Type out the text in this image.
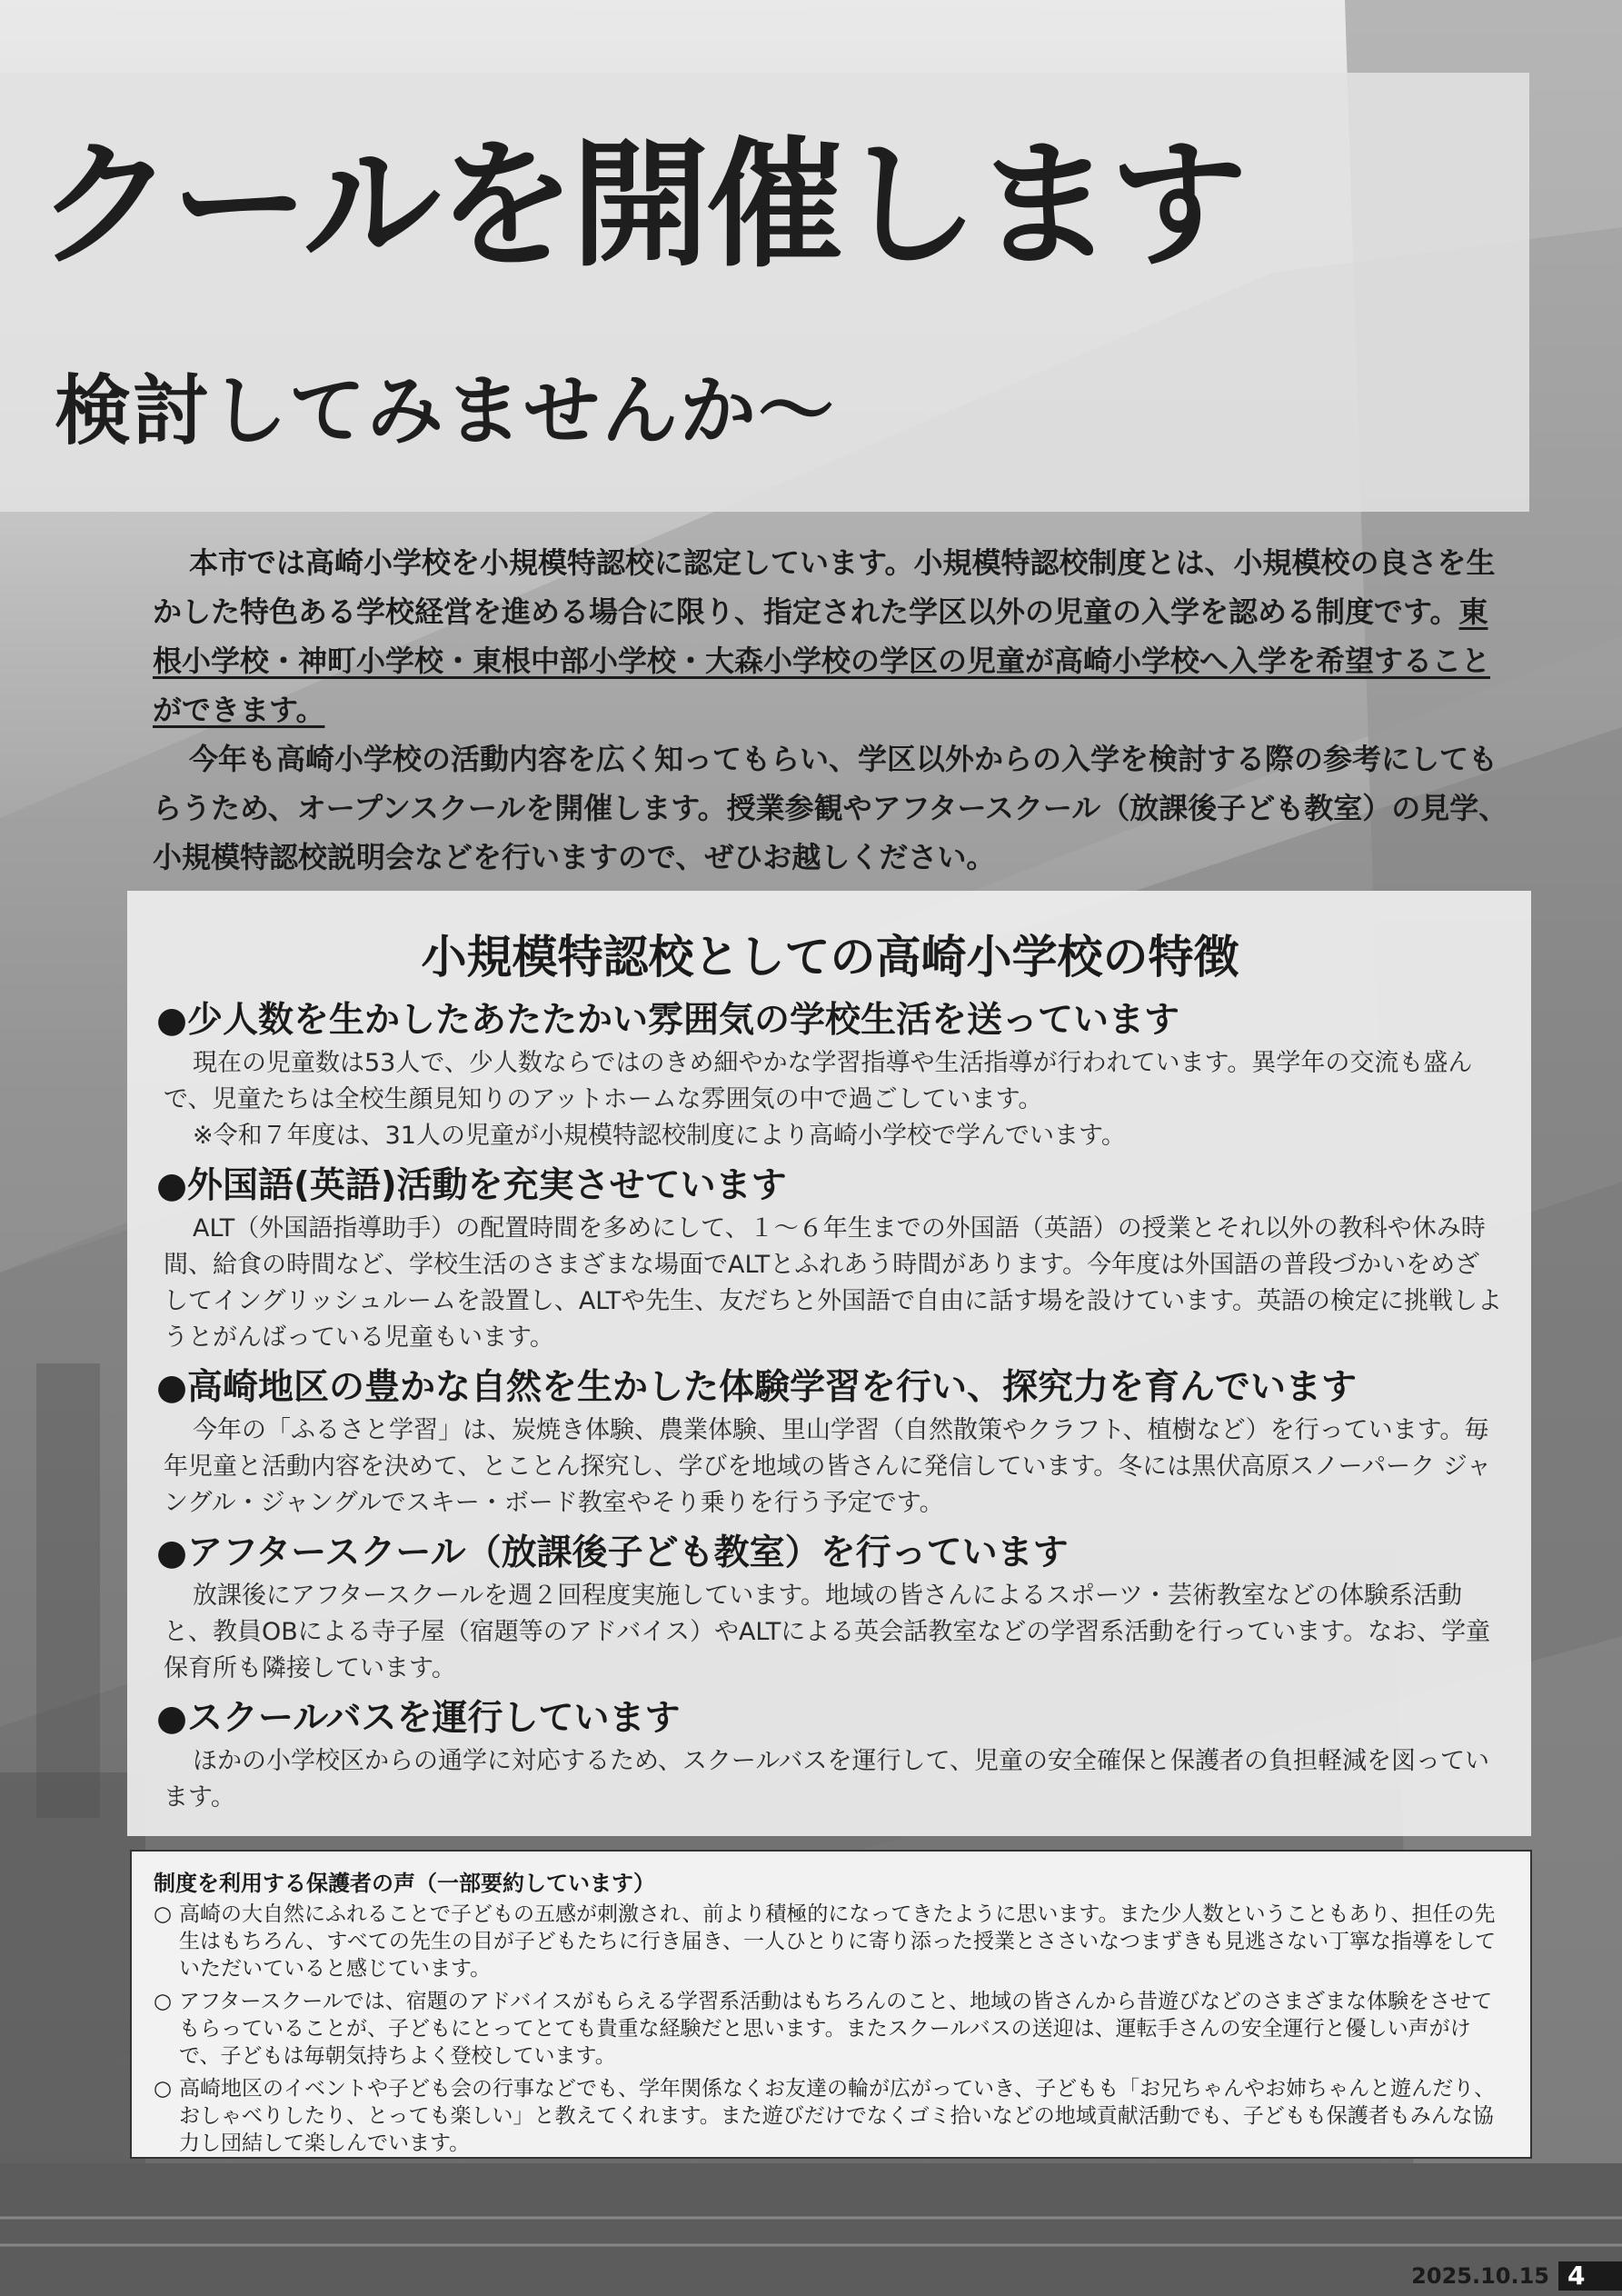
クールを開催します
検討してみませんか～

本市では高崎小学校を小規模特認校に認定しています。小規模特認校制度とは、小規模校の良さを生かした特色ある学校経営を進める場合に限り、指定された学区以外の児童の入学を認める制度です。東根小学校・神町小学校・東根中部小学校・大森小学校の学区の児童が高崎小学校へ入学を希望することができます。

今年も高崎小学校の活動内容を広く知ってもらい、学区以外からの入学を検討する際の参考にしてもらうため、オープンスクールを開催します。授業参観やアフタースクール（放課後子ども教室）の見学、小規模特認校説明会などを行いますので、ぜひお越しください。

小規模特認校としての高崎小学校の特徴
●少人数を生かしたあたたかい雰囲気の学校生活を送っています
現在の児童数は53人で、少人数ならではのきめ細やかな学習指導や生活指導が行われています。異学年の交流も盛んで、児童たちは全校生顔見知りのアットホームな雰囲気の中で過ごしています。
※令和７年度は、31人の児童が小規模特認校制度により高崎小学校で学んでいます。
●外国語(英語)活動を充実させています
ALT（外国語指導助手）の配置時間を多めにして、１～６年生までの外国語（英語）の授業とそれ以外の教科や休み時間、給食の時間など、学校生活のさまざまな場面でALTとふれあう時間があります。今年度は外国語の普段づかいをめざしてイングリッシュルームを設置し、ALTや先生、友だちと外国語で自由に話す場を設けています。英語の検定に挑戦しようとがんばっている児童もいます。
●高崎地区の豊かな自然を生かした体験学習を行い、探究力を育んでいます
今年の「ふるさと学習」は、炭焼き体験、農業体験、里山学習（自然散策やクラフト、植樹など）を行っています。毎年児童と活動内容を決めて、とことん探究し、学びを地域の皆さんに発信しています。冬には黒伏高原スノーパーク ジャングル・ジャングルでスキー・ボード教室やそり乗りを行う予定です。
●アフタースクール（放課後子ども教室）を行っています
放課後にアフタースクールを週２回程度実施しています。地域の皆さんによるスポーツ・芸術教室などの体験系活動と、教員OBによる寺子屋（宿題等のアドバイス）やALTによる英会話教室などの学習系活動を行っています。なお、学童保育所も隣接しています。
●スクールバスを運行しています
ほかの小学校区からの通学に対応するため、スクールバスを運行して、児童の安全確保と保護者の負担軽減を図っています。
制度を利用する保護者の声（一部要約しています）
○ 高崎の大自然にふれることで子どもの五感が刺激され、前より積極的になってきたように思います。また少人数ということもあり、担任の先生はもちろん、すべての先生の目が子どもたちに行き届き、一人ひとりに寄り添った授業とささいなつまずきも見逃さない丁寧な指導をしていただいていると感じています。
○ アフタースクールでは、宿題のアドバイスがもらえる学習系活動はもちろんのこと、地域の皆さんから昔遊びなどのさまざまな体験をさせてもらっていることが、子どもにとってとても貴重な経験だと思います。またスクールバスの送迎は、運転手さんの安全運行と優しい声がけで、子どもは毎朝気持ちよく登校しています。
○ 高崎地区のイベントや子ども会の行事などでも、学年関係なくお友達の輪が広がっていき、子どもも「お兄ちゃんやお姉ちゃんと遊んだり、おしゃべりしたり、とっても楽しい」と教えてくれます。また遊びだけでなくゴミ拾いなどの地域貢献活動でも、子どもも保護者もみんな協力し団結して楽しんでいます。
2025.10.15 4
